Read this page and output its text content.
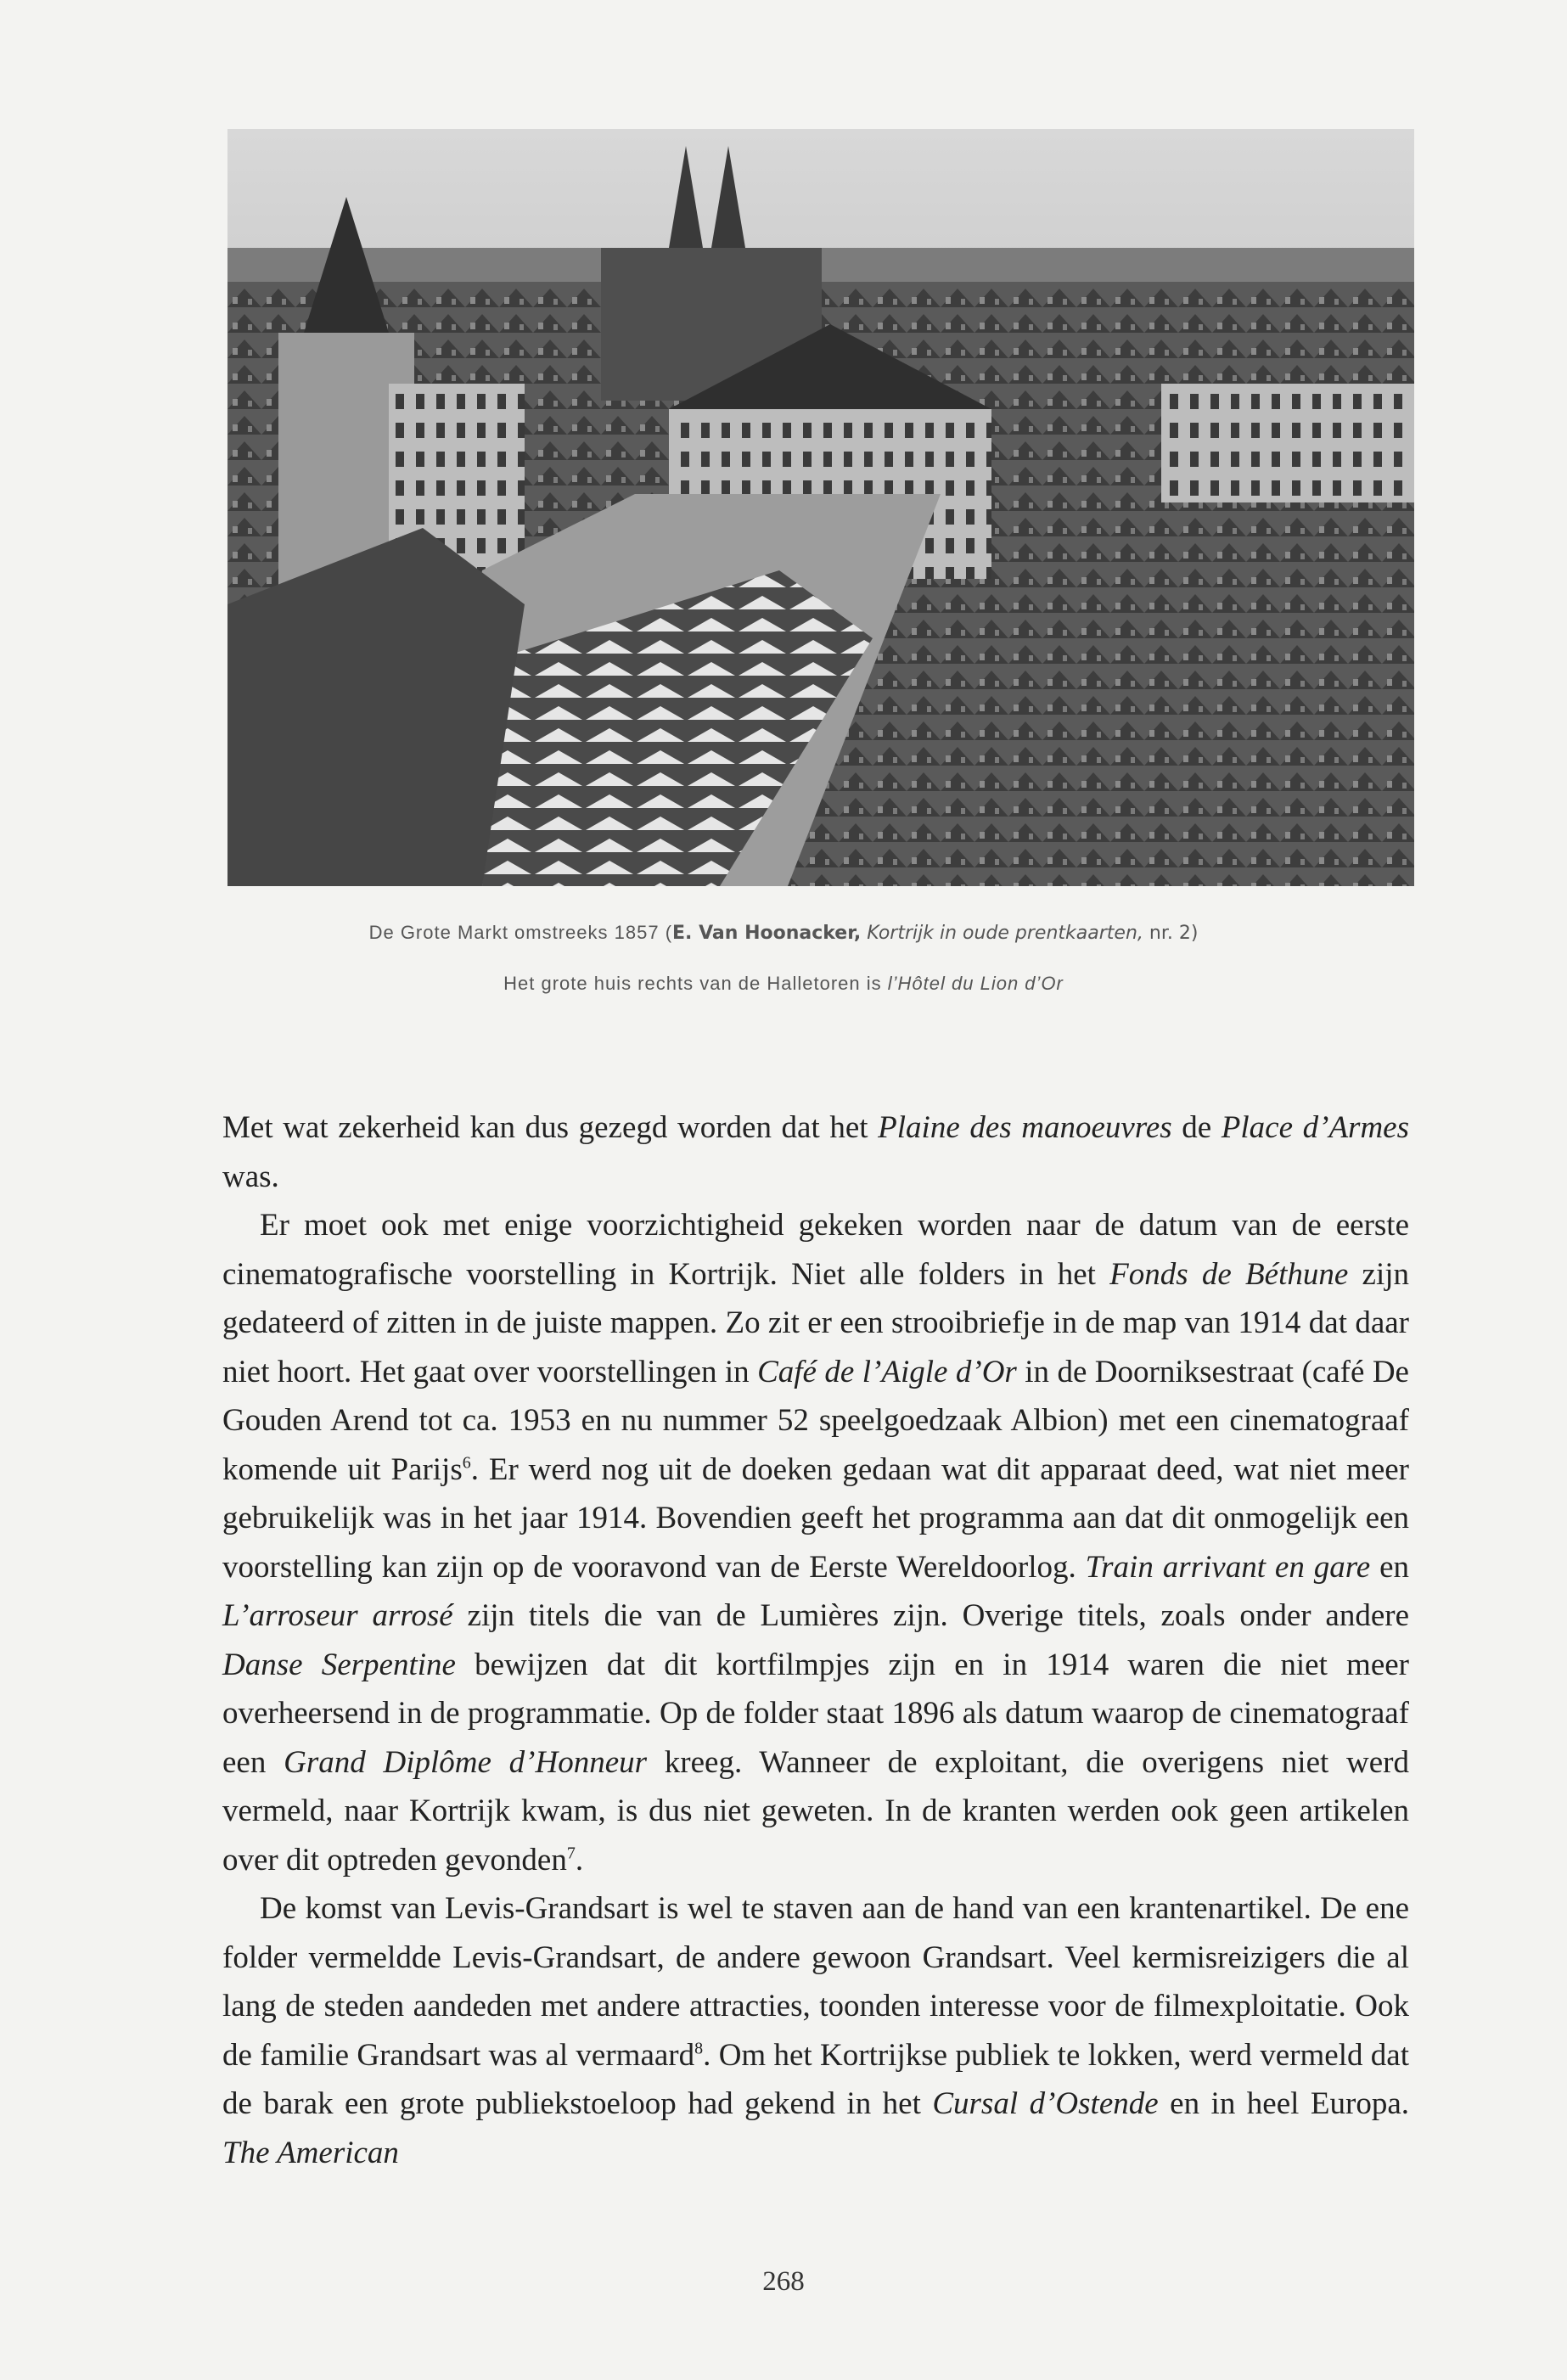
De Grote Markt omstreeks 1857 (E. Van Hoonacker, Kortrijk in oude prentkaarten, nr. 2)
Het grote huis rechts van de Halletoren is l’Hôtel du Lion d’Or

Met wat zekerheid kan dus gezegd worden dat het Plaine des manoeuvres de Place d’Armes was.

Er moet ook met enige voorzichtigheid gekeken worden naar de datum van de eerste cinematografische voorstelling in Kortrijk. Niet alle folders in het Fonds de Béthune zijn gedateerd of zitten in de juiste mappen. Zo zit er een strooibriefje in de map van 1914 dat daar niet hoort. Het gaat over voorstellingen in Café de l’Aigle d’Or in de Doorniksestraat (café De Gouden Arend tot ca. 1953 en nu nummer 52 speelgoedzaak Albion) met een cinematograaf komende uit Parijs$^6$. Er werd nog uit de doeken gedaan wat dit apparaat deed, wat niet meer gebruikelijk was in het jaar 1914. Bovendien geeft het programma aan dat dit onmogelijk een voorstelling kan zijn op de vooravond van de Eerste Wereldoorlog. Train arrivant en gare en L’arroseur arrosé zijn titels die van de Lumières zijn. Overige titels, zoals onder andere Danse Serpentine bewijzen dat dit kortfilmpjes zijn en in 1914 waren die niet meer overheersend in de programmatie. Op de folder staat 1896 als datum waarop de cinematograaf een Grand Diplôme d’Honneur kreeg. Wanneer de exploitant, die overigens niet werd vermeld, naar Kortrijk kwam, is dus niet geweten. In de kranten werden ook geen artikelen over dit optreden gevonden$^7$.

De komst van Levis-Grandsart is wel te staven aan de hand van een krantenartikel. De ene folder vermeldde Levis-Grandsart, de andere gewoon Grandsart. Veel kermisreizigers die al lang de steden aandeden met andere attracties, toonden interesse voor de filmexploitatie. Ook de familie Grandsart was al vermaard$^8$. Om het Kortrijkse publiek te lokken, werd vermeld dat de barak een grote publiekstoeloop had gekend in het Cursal d’Ostende en in heel Europa. The American

268
